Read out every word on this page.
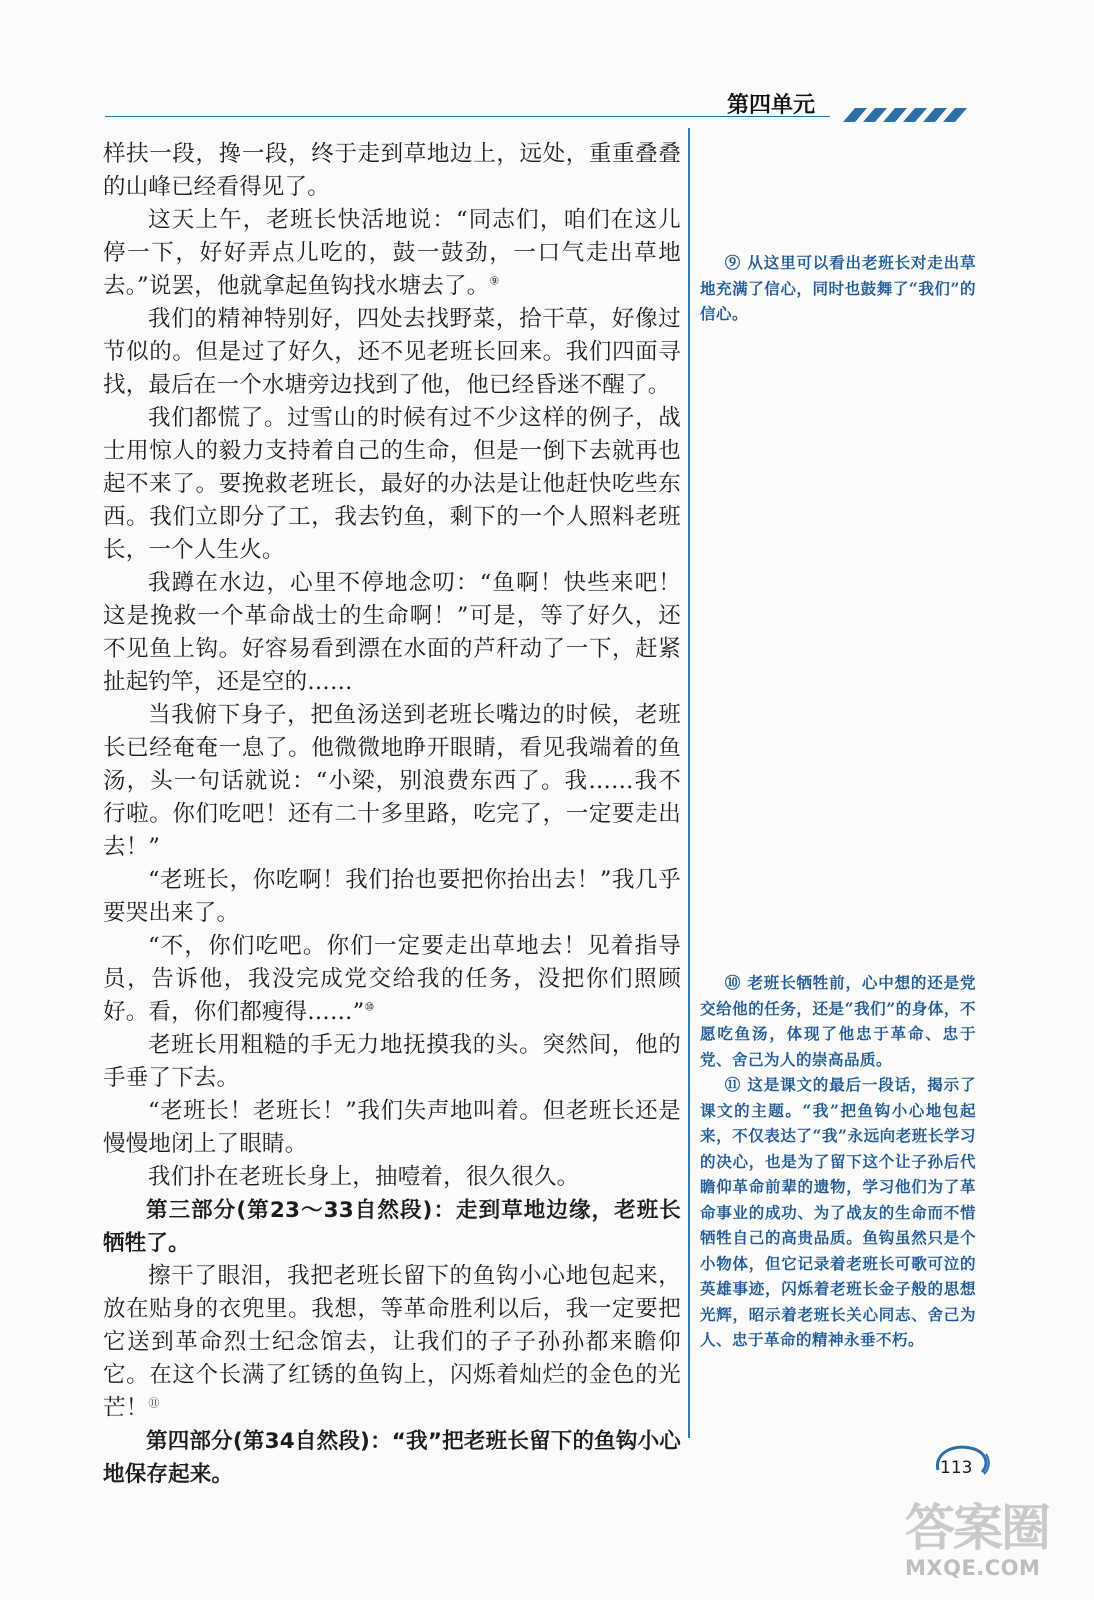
第四单元

样扶一段，搀一段，终于走到草地边上，远处，重重叠叠的山峰已经看得见了。

这天上午，老班长快活地说：“同志们，咱们在这儿停一下，好好弄点儿吃的，鼓一鼓劲，一口气走出草地去。”说罢，他就拿起鱼钩找水塘去了。⑨

我们的精神特别好，四处去找野菜，拾干草，好像过节似的。但是过了好久，还不见老班长回来。我们四面寻找，最后在一个水塘旁边找到了他，他已经昏迷不醒了。

我们都慌了。过雪山的时候有过不少这样的例子，战士用惊人的毅力支持着自己的生命，但是一倒下去就再也起不来了。要挽救老班长，最好的办法是让他赶快吃些东西。我们立即分了工，我去钓鱼，剩下的一个人照料老班长，一个人生火。

我蹲在水边，心里不停地念叨：“鱼啊！快些来吧！这是挽救一个革命战士的生命啊！”可是，等了好久，还不见鱼上钩。好容易看到漂在水面的芦秆动了一下，赶紧扯起钓竿，还是空的……

当我俯下身子，把鱼汤送到老班长嘴边的时候，老班长已经奄奄一息了。他微微地睁开眼睛，看见我端着的鱼汤，头一句话就说：“小梁，别浪费东西了。我……我不行啦。你们吃吧！还有二十多里路，吃完了，一定要走出去！”

“老班长，你吃啊！我们抬也要把你抬出去！”我几乎要哭出来了。

“不，你们吃吧。你们一定要走出草地去！见着指导员，告诉他，我没完成党交给我的任务，没把你们照顾好。看，你们都瘦得……”⑩

老班长用粗糙的手无力地抚摸我的头。突然间，他的手垂了下去。

“老班长！老班长！”我们失声地叫着。但老班长还是慢慢地闭上了眼睛。

我们扑在老班长身上，抽噎着，很久很久。

第三部分(第23～33自然段)：走到草地边缘，老班长牺牲了。

擦干了眼泪，我把老班长留下的鱼钩小心地包起来，放在贴身的衣兜里。我想，等革命胜利以后，我一定要把它送到革命烈士纪念馆去，让我们的子子孙孙都来瞻仰它。在这个长满了红锈的鱼钩上，闪烁着灿烂的金色的光芒！⑪

第四部分(第34自然段)：“我”把老班长留下的鱼钩小心地保存起来。

⑨ 从这里可以看出老班长对走出草地充满了信心，同时也鼓舞了“我们”的信心。

⑩ 老班长牺牲前，心中想的还是党交给他的任务，还是“我们”的身体，不愿吃鱼汤，体现了他忠于革命、忠于党、舍己为人的崇高品质。

⑪ 这是课文的最后一段话，揭示了课文的主题。“我”把鱼钩小心地包起来，不仅表达了“我”永远向老班长学习的决心，也是为了留下这个让子孙后代瞻仰革命前辈的遗物，学习他们为了革命事业的成功、为了战友的生命而不惜牺牲自己的高贵品质。鱼钩虽然只是个小物体，但它记录着老班长可歌可泣的英雄事迹，闪烁着老班长金子般的思想光辉，昭示着老班长关心同志、舍己为人、忠于革命的精神永垂不朽。

113
答案圈
MXQE.COM
